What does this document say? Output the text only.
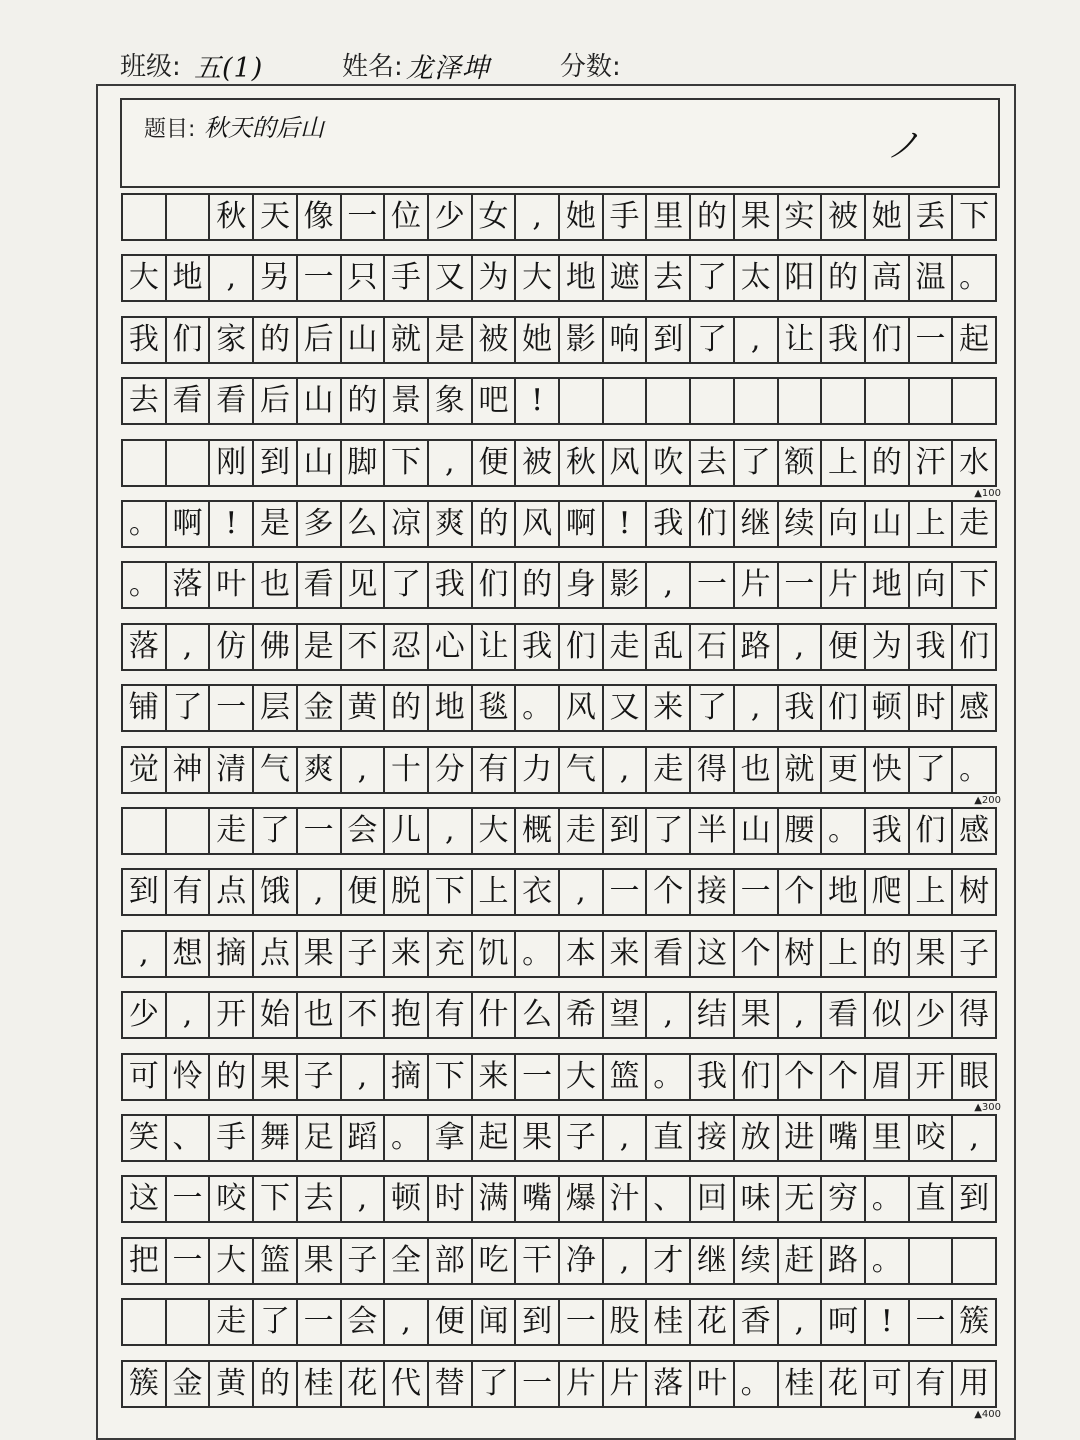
班级: 五(1)	姓名: 龙泽坤	分数:
题目: 秋天的后山	ノ
秋 天 像 一 位 少 女 , 她 手 里 的 果 实 被 她 丢 下
大 地 , 另 一 只 手 又 为 大 地 遮 去 了 太 阳 的 高 温 。
我 们 家 的 后 山 就 是 被 她 影 响 到 了 , 让 我 们 一 起
去 看 看 后 山 的 景 象 吧 !
刚 到 山 脚 下 , 便 被 秋 风 吹 去 了 额 上 的 汗 水
。 啊 ! 是 多 么 凉 爽 的 风 啊 ! 我 们 继 续 向 山 上 走
。 落 叶 也 看 见 了 我 们 的 身 影 , 一 片 一 片 地 向 下
落 , 仿 佛 是 不 忍 心 让 我 们 走 乱 石 路 , 便 为 我 们
铺 了 一 层 金 黄 的 地 毯 。 风 又 来 了 , 我 们 顿 时 感
觉 神 清 气 爽 , 十 分 有 力 气 , 走 得 也 就 更 快 了 。
走 了 一 会 儿 , 大 概 走 到 了 半 山 腰 。 我 们 感
到 有 点 饿 , 便 脱 下 上 衣 , 一 个 接 一 个 地 爬 上 树
, 想 摘 点 果 子 来 充 饥 。 本 来 看 这 个 树 上 的 果 子
少 , 开 始 也 不 抱 有 什 么 希 望 , 结 果 , 看 似 少 得
可 怜 的 果 子 , 摘 下 来 一 大 篮 。 我 们 个 个 眉 开 眼
笑 、 手 舞 足 蹈 。 拿 起 果 子 , 直 接 放 进 嘴 里 咬 ,
这 一 咬 下 去 , 顿 时 满 嘴 爆 汁 、 回 味 无 穷 。 直 到
把 一 大 篮 果 子 全 部 吃 干 净 , 才 继 续 赶 路 。
走 了 一 会 , 便 闻 到 一 股 桂 花 香 , 呵 ! 一 簇
簇 金 黄 的 桂 花 代 替 了 一 片 片 落 叶 。 桂 花 可 有 用
▲100
▲200
▲300
▲400
